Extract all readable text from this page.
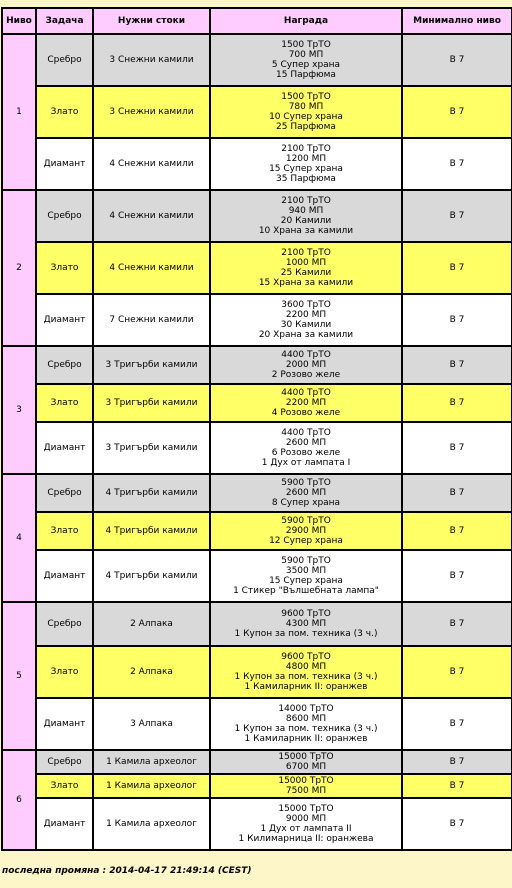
Ниво	Задача	Нужни стоки	Награда	Минимално ниво
1	Сребро	3 Снежни камили	1500 ТрТО
700 МП
5 Супер храна
15 Парфюма	В 7
	Злато	3 Снежни камили	1500 ТрТО
780 МП
10 Супер храна
25 Парфюма	В 7
	Диамант	4 Снежни камили	2100 ТрТО
1200 МП
15 Супер храна
35 Парфюма	В 7
2	Сребро	4 Снежни камили	2100 ТрТО
940 МП
20 Камили
10 Храна за камили	В 7
	Злато	4 Снежни камили	2100 ТрТО
1000 МП
25 Камили
15 Храна за камили	В 7
	Диамант	7 Снежни камили	3600 ТрТО
2200 МП
30 Камили
20 Храна за камили	В 7
3	Сребро	3 Тригърби камили	4400 ТрТО
2000 МП
2 Розово желе	В 7
	Злато	3 Тригърби камили	4400 ТрТО
2200 МП
4 Розово желе	В 7
	Диамант	3 Тригърби камили	4400 ТрТО
2600 МП
6 Розово желе
1 Дух от лампата I	В 7
4	Сребро	4 Тригърби камили	5900 ТрТО
2600 МП
8 Супер храна	В 7
	Злато	4 Тригърби камили	5900 ТрТО
2900 МП
12 Супер храна	В 7
	Диамант	4 Тригърби камили	5900 ТрТО
3500 МП
15 Супер храна
1 Стикер "Вълшебната лампа"	В 7
5	Сребро	2 Алпака	9600 ТрТО
4300 МП
1 Купон за пом. техника (3 ч.)	В 7
	Злато	2 Алпака	9600 ТрТО
4800 МП
1 Купон за пом. техника (3 ч.)
1 Камиларник II: оранжев	В 7
	Диамант	3 Алпака	14000 ТрТО
8600 МП
1 Купон за пом. техника (3 ч.)
1 Камиларник II: оранжев	В 7
6	Сребро	1 Камила археолог	15000 ТрТО
6700 МП	В 7
	Злато	1 Камила археолог	15000 ТрТО
7500 МП	В 7
	Диамант	1 Камила археолог	15000 ТрТО
9000 МП
1 Дух от лампата II
1 Килимарница II: оранжева	В 7
последна промяна : 2014-04-17 21:49:14 (CEST)
